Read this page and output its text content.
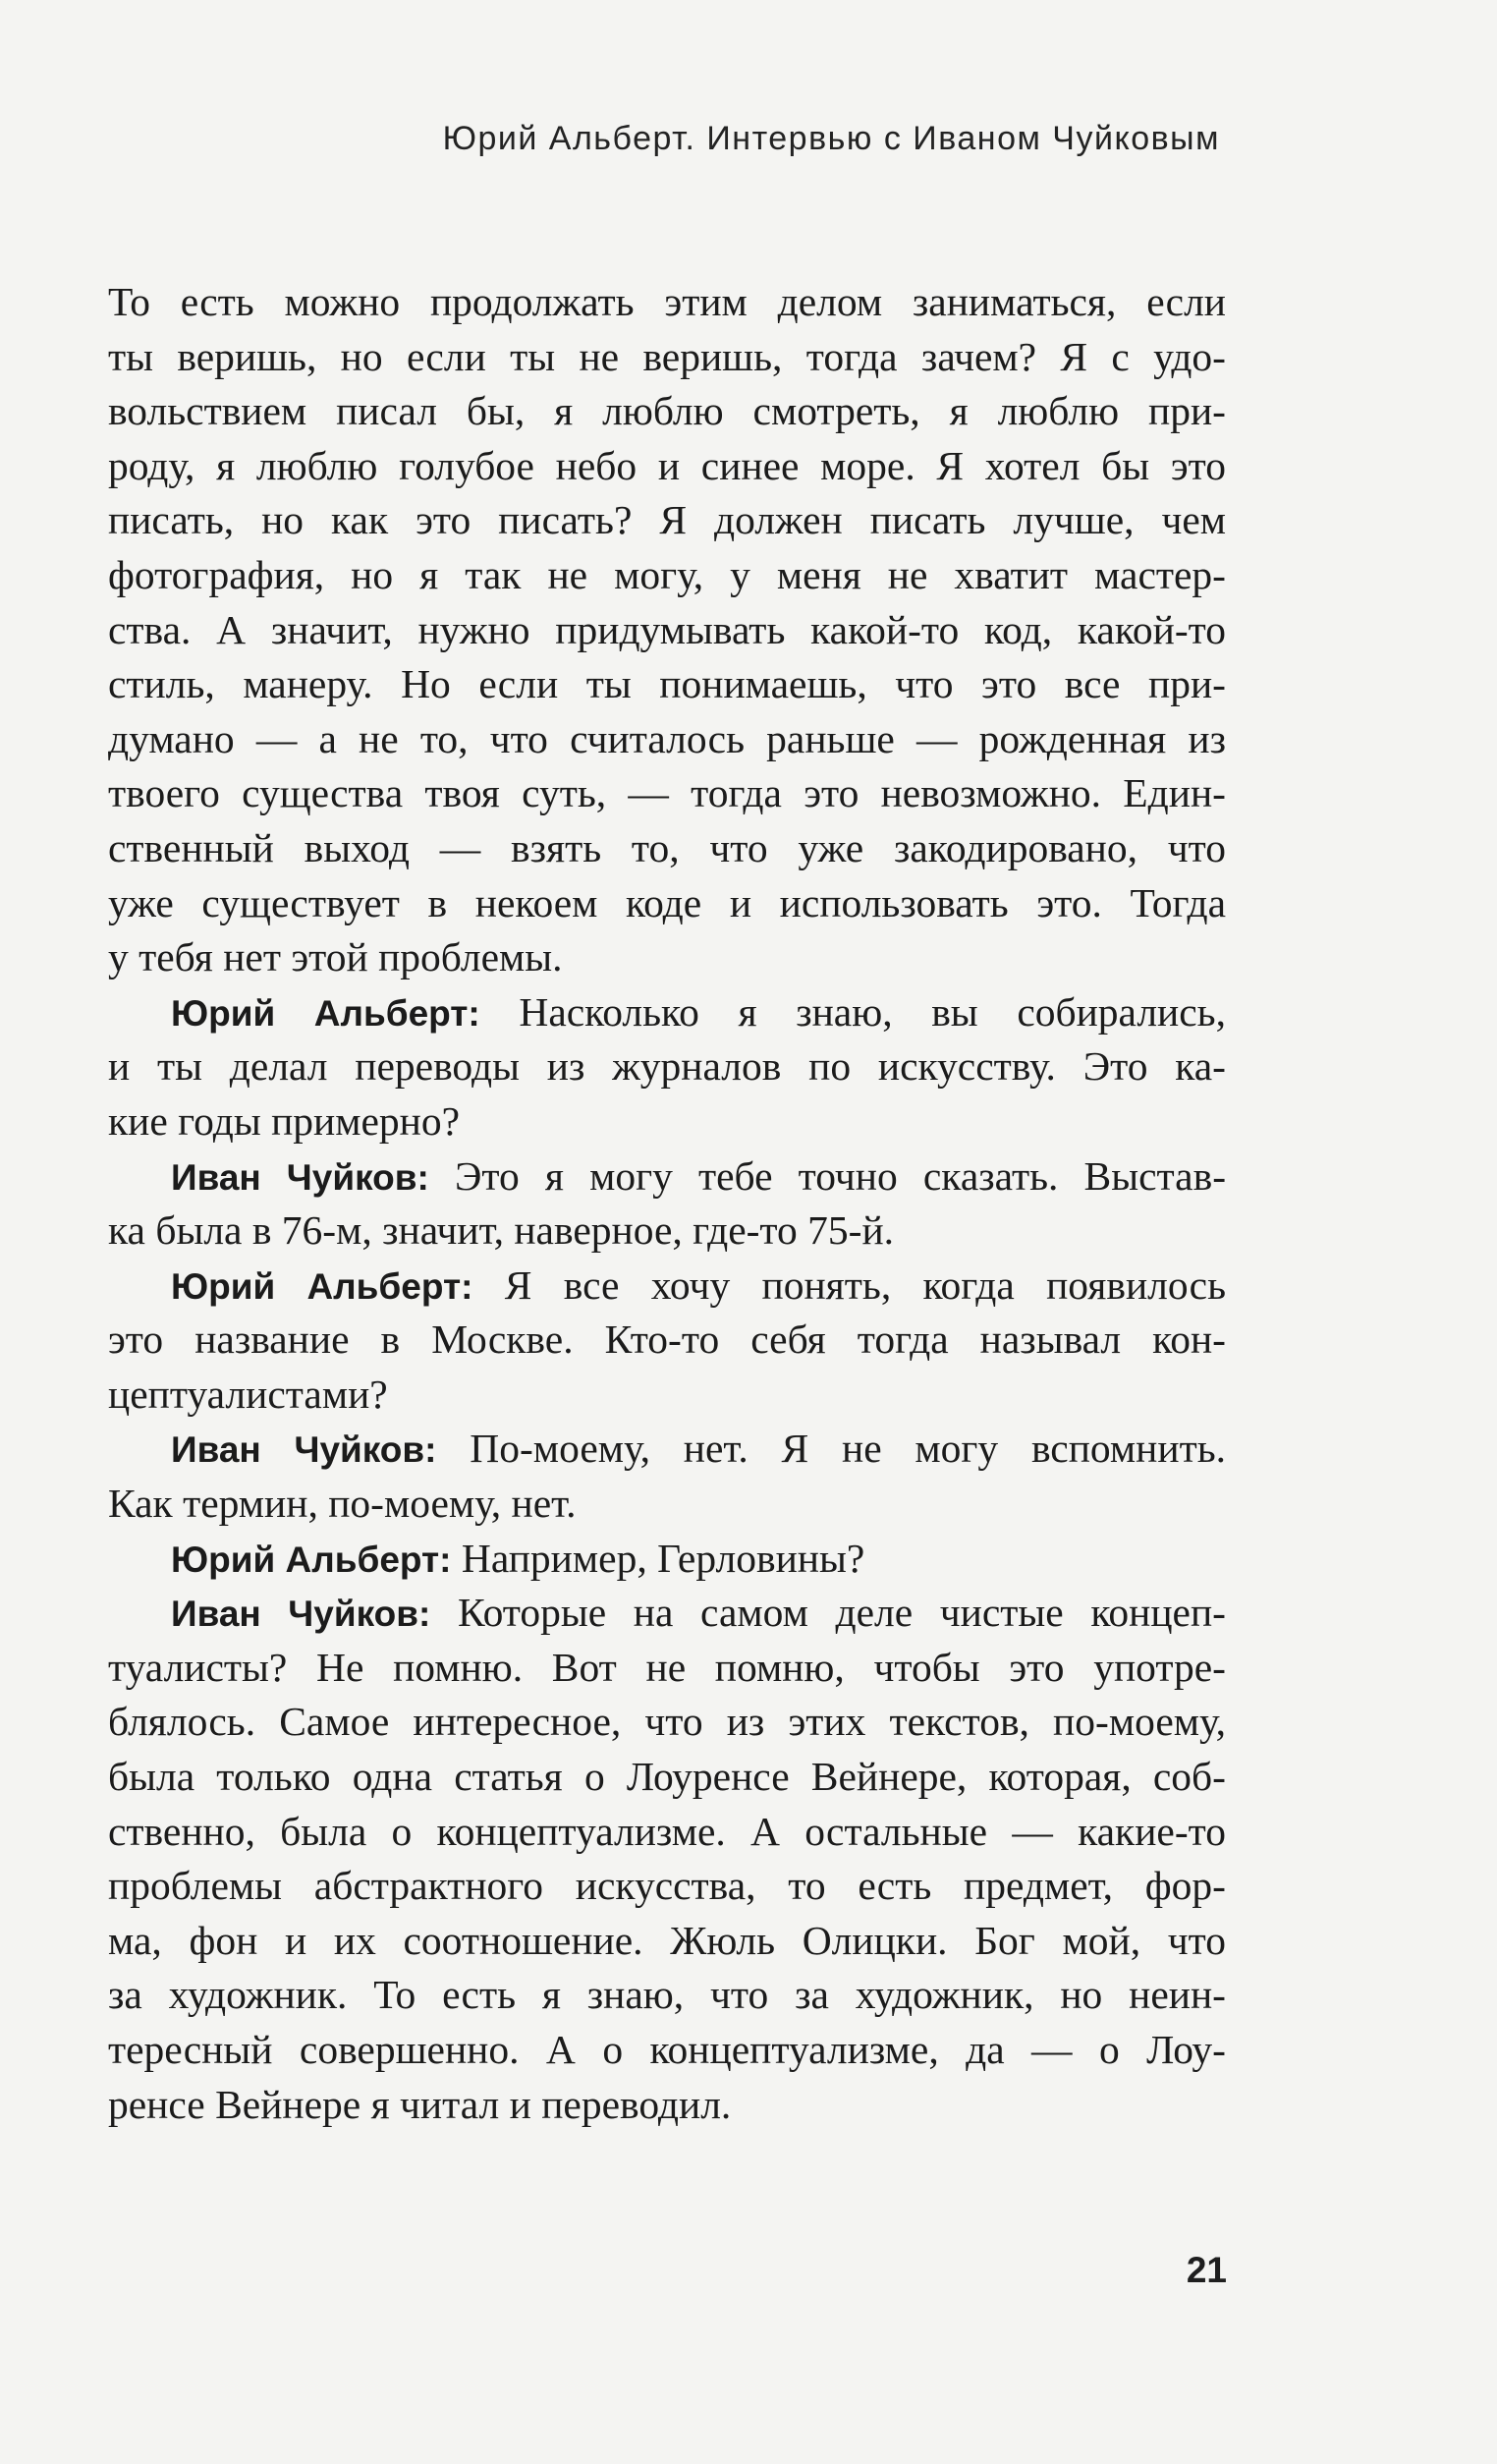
Юрий Альберт. Интервью с Иваном Чуйковым
То есть можно продолжать этим делом заниматься, если
ты веришь, но если ты не веришь, тогда зачем? Я с удо-
вольствием писал бы, я люблю смотреть, я люблю при-
роду, я люблю голубое небо и синее море. Я хотел бы это
писать, но как это писать? Я должен писать лучше, чем
фотография, но я так не могу, у меня не хватит мастер-
ства. А значит, нужно придумывать какой-то код, какой-то
стиль, манеру. Но если ты понимаешь, что это все при-
думано — а не то, что считалось раньше — рожденная из
твоего существа твоя суть, — тогда это невозможно. Един-
ственный выход — взять то, что уже закодировано, что
уже существует в некоем коде и использовать это. Тогда
у тебя нет этой проблемы.
Юрий Альберт: Насколько я знаю, вы собирались,
и ты делал переводы из журналов по искусству. Это ка-
кие годы примерно?
Иван Чуйков: Это я могу тебе точно сказать. Выстав-
ка была в 76-м, значит, наверное, где-то 75-й.
Юрий Альберт: Я все хочу понять, когда появилось
это название в Москве. Кто-то себя тогда называл кон-
цептуалистами?
Иван Чуйков: По-моему, нет. Я не могу вспомнить.
Как термин, по-моему, нет.
Юрий Альберт: Например, Герловины?
Иван Чуйков: Которые на самом деле чистые концеп-
туалисты? Не помню. Вот не помню, чтобы это употре-
блялось. Самое интересное, что из этих текстов, по-моему,
была только одна статья о Лоуренсе Вейнере, которая, соб-
ственно, была о концептуализме. А остальные — какие-то
проблемы абстрактного искусства, то есть предмет, фор-
ма, фон и их соотношение. Жюль Олицки. Бог мой, что
за художник. То есть я знаю, что за художник, но неин-
тересный совершенно. А о концептуализме, да — о Лоу-
ренсе Вейнере я читал и переводил.
21
